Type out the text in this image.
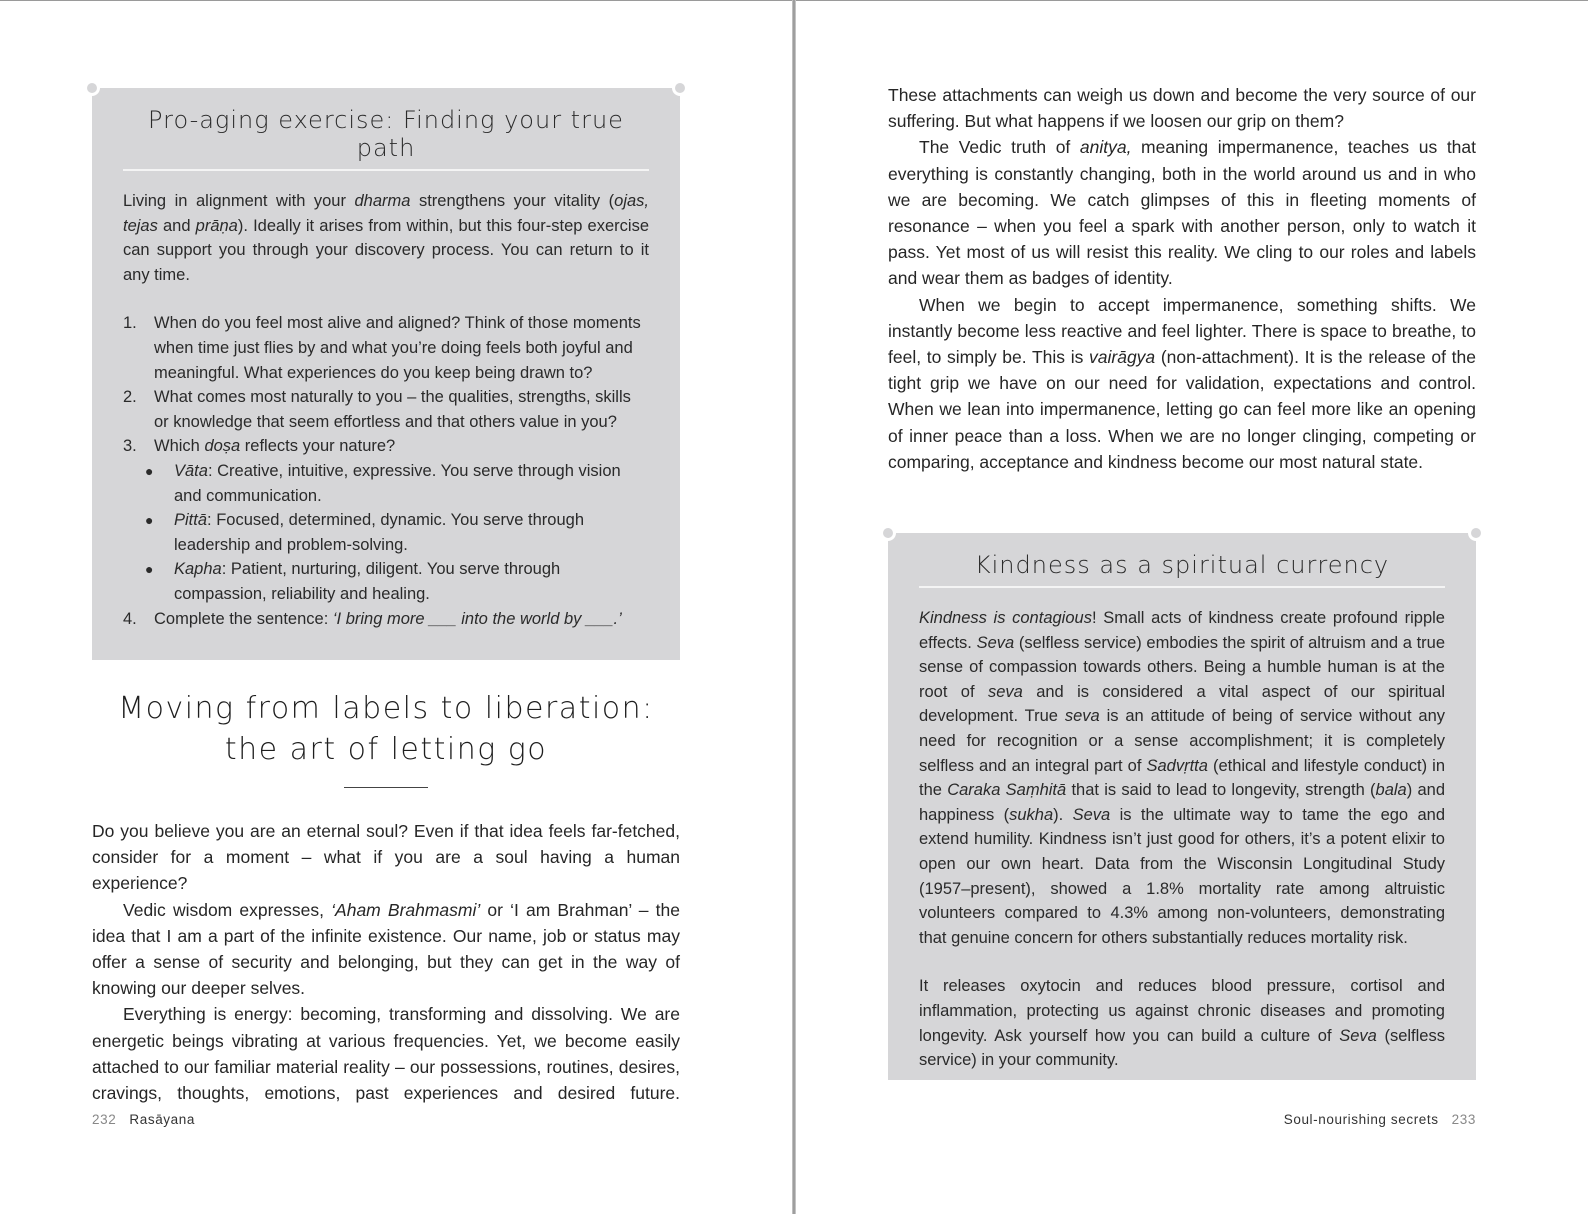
Pro-aging exercise: Finding your true path

Living in alignment with your dharma strengthens your vitality (ojas, tejas and prāṇa). Ideally it arises from within, but this four-step exercise can support you through your discovery process. You can return to it any time.

1. When do you feel most alive and aligned? Think of those moments when time just flies by and what you’re doing feels both joyful and meaningful. What experiences do you keep being drawn to?
2. What comes most naturally to you – the qualities, strengths, skills or knowledge that seem effortless and that others value in you?
3. Which doṣa reflects your nature?
● Vāta: Creative, intuitive, expressive. You serve through vision and communication.
● Pittā: Focused, determined, dynamic. You serve through leadership and problem-solving.
● Kapha: Patient, nurturing, diligent. You serve through compassion, reliability and healing.
4. Complete the sentence: ‘I bring more ___ into the world by ___.’
Moving from labels to liberation: the art of letting go

Do you believe you are an eternal soul? Even if that idea feels far-fetched, consider for a moment – what if you are a soul having a human experience?

Vedic wisdom expresses, ‘Aham Brahmasmi’ or ‘I am Brahman’ – the idea that I am a part of the infinite existence. Our name, job or status may offer a sense of security and belonging, but they can get in the way of knowing our deeper selves.

Everything is energy: becoming, transforming and dissolving. We are energetic beings vibrating at various frequencies. Yet, we become easily attached to our familiar material reality – our possessions, routines, desires, cravings, thoughts, emotions, past experiences and desired future.

232 Rasāyana

These attachments can weigh us down and become the very source of our suffering. But what happens if we loosen our grip on them?

The Vedic truth of anitya, meaning impermanence, teaches us that everything is constantly changing, both in the world around us and in who we are becoming. We catch glimpses of this in fleeting moments of resonance – when you feel a spark with another person, only to watch it pass. Yet most of us will resist this reality. We cling to our roles and labels and wear them as badges of identity.

When we begin to accept impermanence, something shifts. We instantly become less reactive and feel lighter. There is space to breathe, to feel, to simply be. This is vairāgya (non-attachment). It is the release of the tight grip we have on our need for validation, expectations and control. When we lean into impermanence, letting go can feel more like an opening of inner peace than a loss. When we are no longer clinging, competing or comparing, acceptance and kindness become our most natural state.

Kindness as a spiritual currency

Kindness is contagious! Small acts of kindness create profound ripple effects. Seva (selfless service) embodies the spirit of altruism and a true sense of compassion towards others. Being a humble human is at the root of seva and is considered a vital aspect of our spiritual development. True seva is an attitude of being of service without any need for recognition or a sense accomplishment; it is completely selfless and an integral part of Sadvṛtta (ethical and lifestyle conduct) in the Caraka Saṃhitā that is said to lead to longevity, strength (bala) and happiness (sukha). Seva is the ultimate way to tame the ego and extend humility. Kindness isn’t just good for others, it’s a potent elixir to open our own heart. Data from the Wisconsin Longitudinal Study (1957–present), showed a 1.8% mortality rate among altruistic volunteers compared to 4.3% among non-volunteers, demonstrating that genuine concern for others substantially reduces mortality risk.

It releases oxytocin and reduces blood pressure, cortisol and inflammation, protecting us against chronic diseases and promoting longevity. Ask yourself how you can build a culture of Seva (selfless service) in your community.

Soul-nourishing secrets 233
